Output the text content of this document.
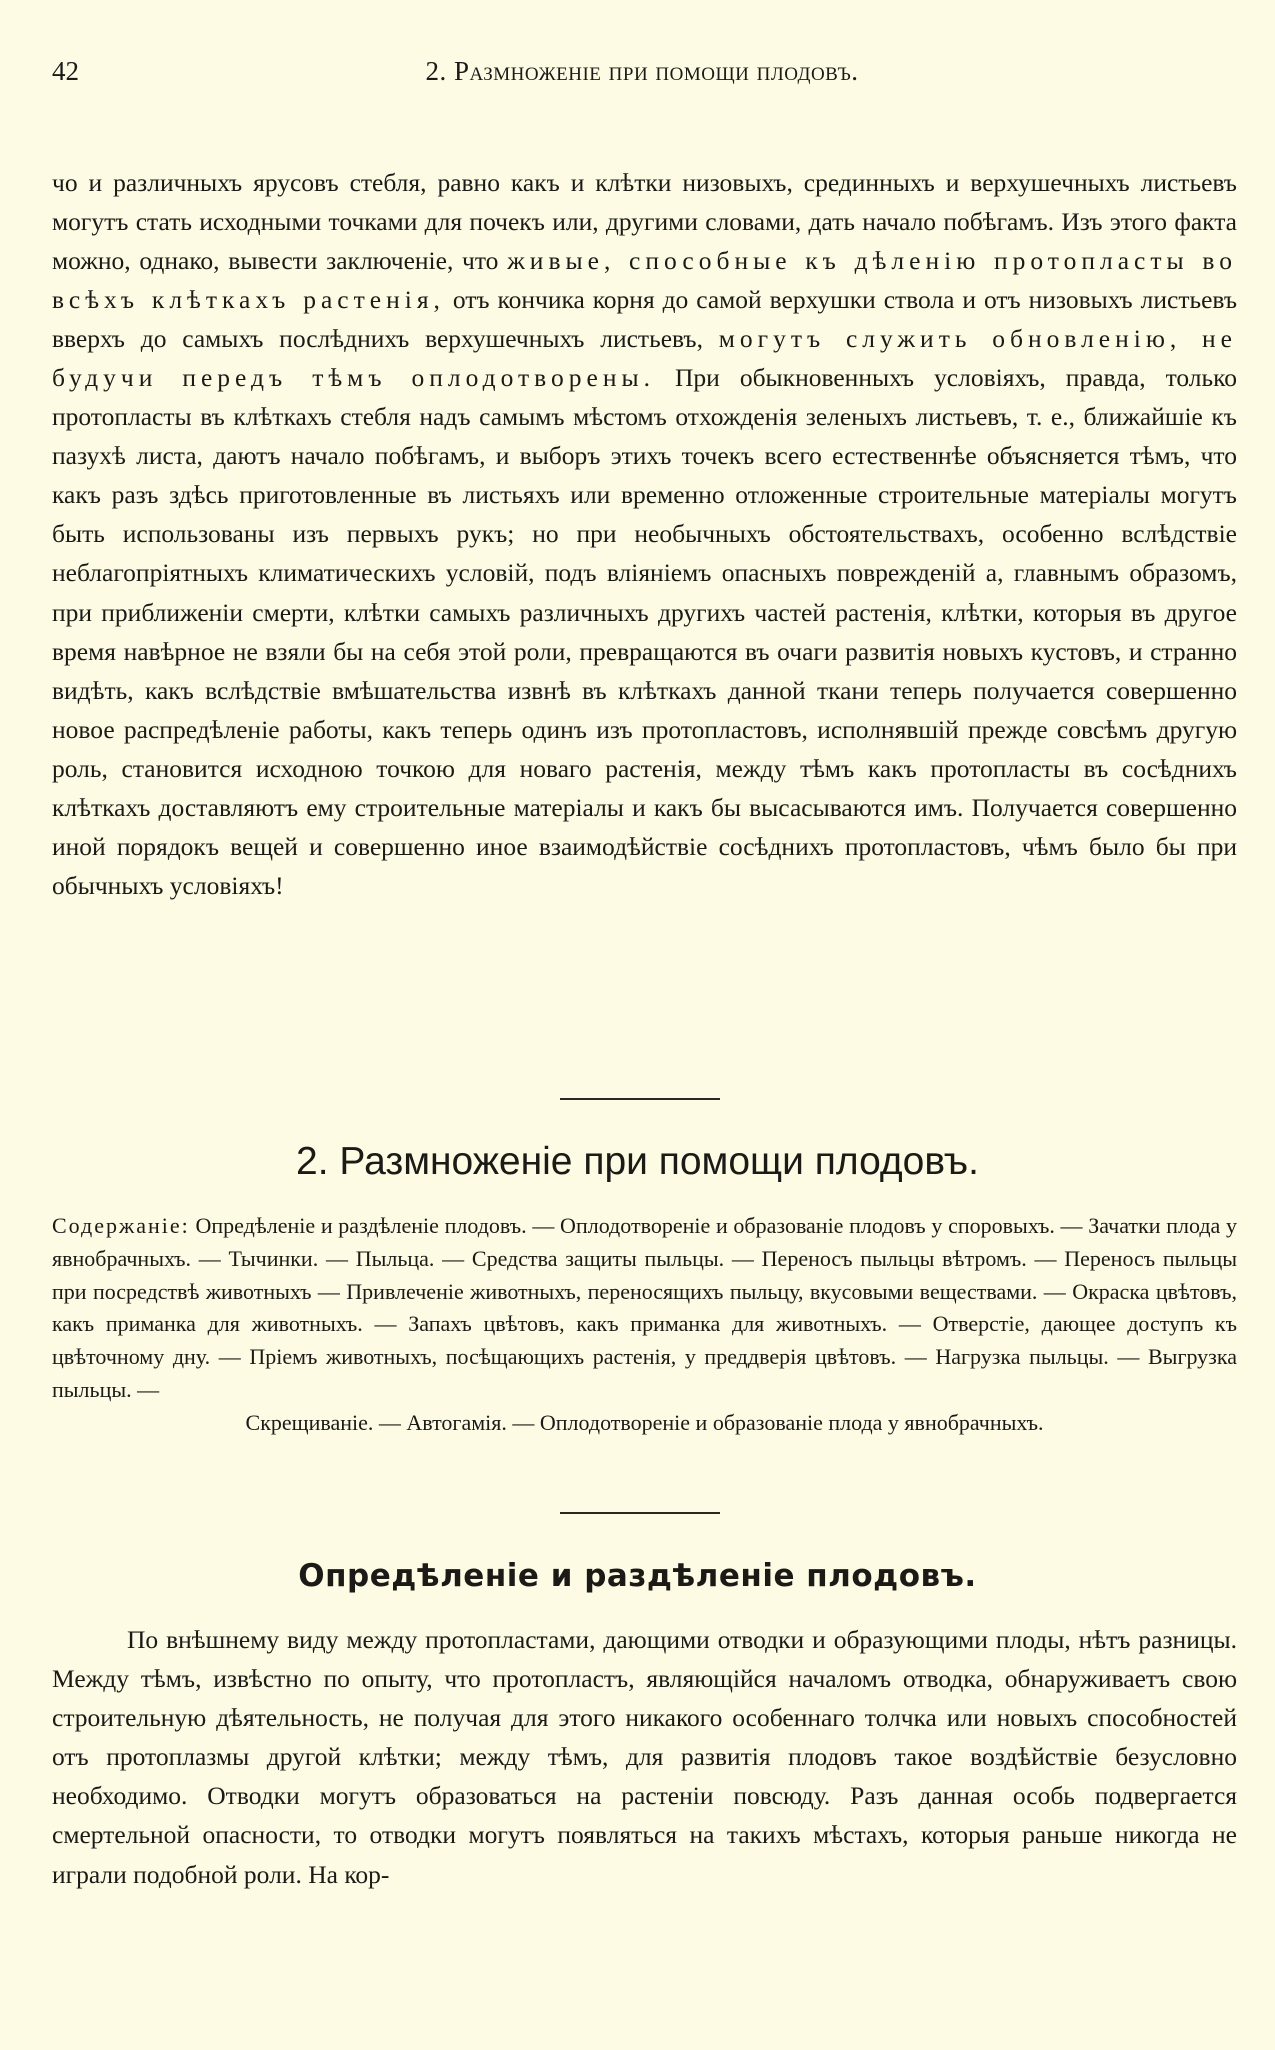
42	2. Размноженіе при помощи плодовъ.

чо и различныхъ ярусовъ стебля, равно какъ и клѣтки низовыхъ, срединныхъ и верхушечныхъ листьевъ могутъ стать исходными точками для почекъ или, другими словами, дать начало побѣгамъ. Изъ этого факта можно, однако, вывести заключеніе, что живые, способные къ дѣленію протопласты во всѣхъ клѣткахъ растенія, отъ кончика корня до самой верхушки ствола и отъ низовыхъ листьевъ вверхъ до самыхъ послѣднихъ верхушечныхъ листьевъ, могутъ служить обновленію, не будучи передъ тѣмъ оплодотворены. При обыкновенныхъ условіяхъ, правда, только протопласты въ клѣткахъ стебля надъ самымъ мѣстомъ отхожденія зеленыхъ листьевъ, т. е., ближайшіе къ пазухѣ листа, даютъ начало побѣгамъ, и выборъ этихъ точекъ всего естественнѣе объясняется тѣмъ, что какъ разъ здѣсь приготовленные въ листьяхъ или временно отложенные строительные матеріалы могутъ быть использованы изъ первыхъ рукъ; но при необычныхъ обстоятельствахъ, особенно вслѣдствіе неблагопріятныхъ климатическихъ условій, подъ вліяніемъ опасныхъ поврежденій а, главнымъ образомъ, при приближеніи смерти, клѣтки самыхъ различныхъ другихъ частей растенія, клѣтки, которыя въ другое время навѣрное не взяли бы на себя этой роли, превращаются въ очаги развитія новыхъ кустовъ, и странно видѣть, какъ вслѣдствіе вмѣшательства извнѣ въ клѣткахъ данной ткани теперь получается совершенно новое распредѣленіе работы, какъ теперь одинъ изъ протопластовъ, исполнявшій прежде совсѣмъ другую роль, становится исходною точкою для новаго растенія, между тѣмъ какъ протопласты въ сосѣднихъ клѣткахъ доставляютъ ему строительные матеріалы и какъ бы высасываются имъ. Получается совершенно иной порядокъ вещей и совершенно иное взаимодѣйствіе сосѣднихъ протопластовъ, чѣмъ было бы при обычныхъ условіяхъ!

2. Размноженіе при помощи плодовъ.
Содержаніе: Опредѣленіе и раздѣленіе плодовъ. — Оплодотвореніе и образованіе плодовъ у споровыхъ. — Зачатки плода у явнобрачныхъ. — Тычинки. — Пыльца. — Средства защиты пыльцы. — Переносъ пыльцы вѣтромъ. — Переносъ пыльцы при посредствѣ животныхъ — Привлеченіе животныхъ, переносящихъ пыльцу, вкусовыми веществами. — Окраска цвѣтовъ, какъ приманка для животныхъ. — Запахъ цвѣтовъ, какъ приманка для животныхъ. — Отверстіе, дающее доступъ къ цвѣточному дну. — Пріемъ животныхъ, посѣщающихъ растенія, у преддверія цвѣтовъ. — Нагрузка пыльцы. — Выгрузка пыльцы. —
Скрещиваніе. — Автогамія. — Оплодотвореніе и образованіе плода у явнобрачныхъ.
Опредѣленіе и раздѣленіе плодовъ.

По внѣшнему виду между протопластами, дающими отводки и образующими плоды, нѣтъ разницы. Между тѣмъ, извѣстно по опыту, что протопластъ, являющійся началомъ отводка, обнаруживаетъ свою строительную дѣятельность, не получая для этого никакого особеннаго толчка или новыхъ способностей отъ протоплазмы другой клѣтки; между тѣмъ, для развитія плодовъ такое воздѣйствіе безусловно необходимо. Отводки могутъ образоваться на растеніи повсюду. Разъ данная особь подвергается смертельной опасности, то отводки могутъ появляться на такихъ мѣстахъ, которыя раньше никогда не играли подобной роли. На кор-
